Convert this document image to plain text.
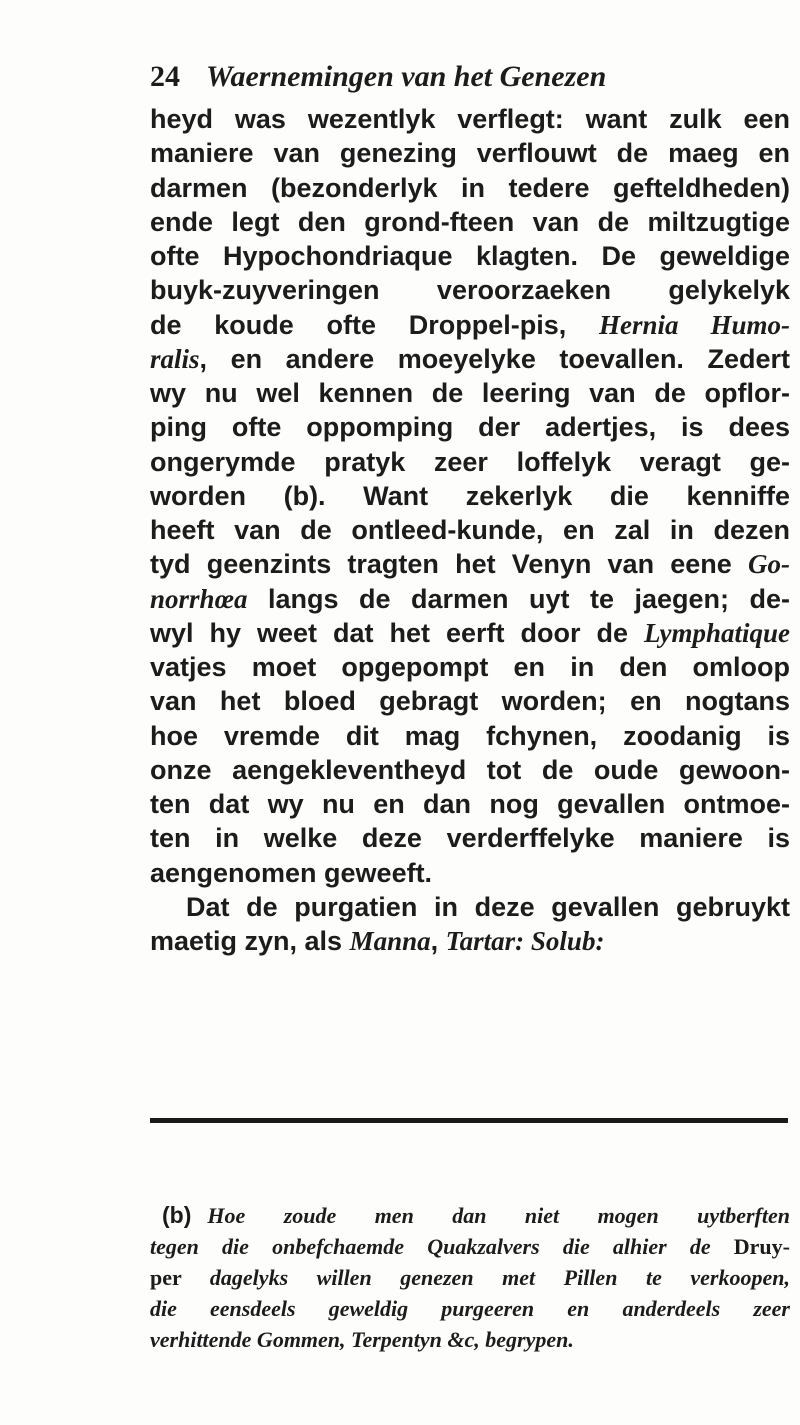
24 Waernemingen van het Genezen
heyd was wezentlyk verflegt: want zulk een
maniere van genezing verflouwt de maeg en
darmen (bezonderlyk in tedere gefteldheden)
ende legt den grond-fteen van de miltzugtige
ofte Hypochondriaque klagten. De geweldige
buyk-zuyveringen veroorzaeken gelykelyk
de koude ofte Droppel-pis, Hernia Humo-
ralis, en andere moeyelyke toevallen. Zedert
wy nu wel kennen de leering van de opflor-
ping ofte oppomping der adertjes, is dees
ongerymde pratyk zeer loffelyk veragt ge-
worden (b). Want zekerlyk die kenniffe
heeft van de ontleed-kunde, en zal in dezen
tyd geenzints tragten het Venyn van eene Go-
norrhœa langs de darmen uyt te jaegen; de-
wyl hy weet dat het eerft door de Lymphatique
vatjes moet opgepompt en in den omloop
van het bloed gebragt worden; en nogtans
hoe vremde dit mag fchynen, zoodanig is
onze aengekleventheyd tot de oude gewoon-
ten dat wy nu en dan nog gevallen ontmoe-
ten in welke deze verderffelyke maniere is
aengenomen geweeft.
Dat de purgatien in deze gevallen gebruykt
maetig zyn, als Manna, Tartar: Solub:
(b) Hoe zoude men dan niet mogen uytberften
tegen die onbefchaemde Quakzalvers die alhier de Druy-
per dagelyks willen genezen met Pillen te verkoopen,
die eensdeels geweldig purgeeren en anderdeels zeer
verhittende Gommen, Terpentyn &c, begrypen.
